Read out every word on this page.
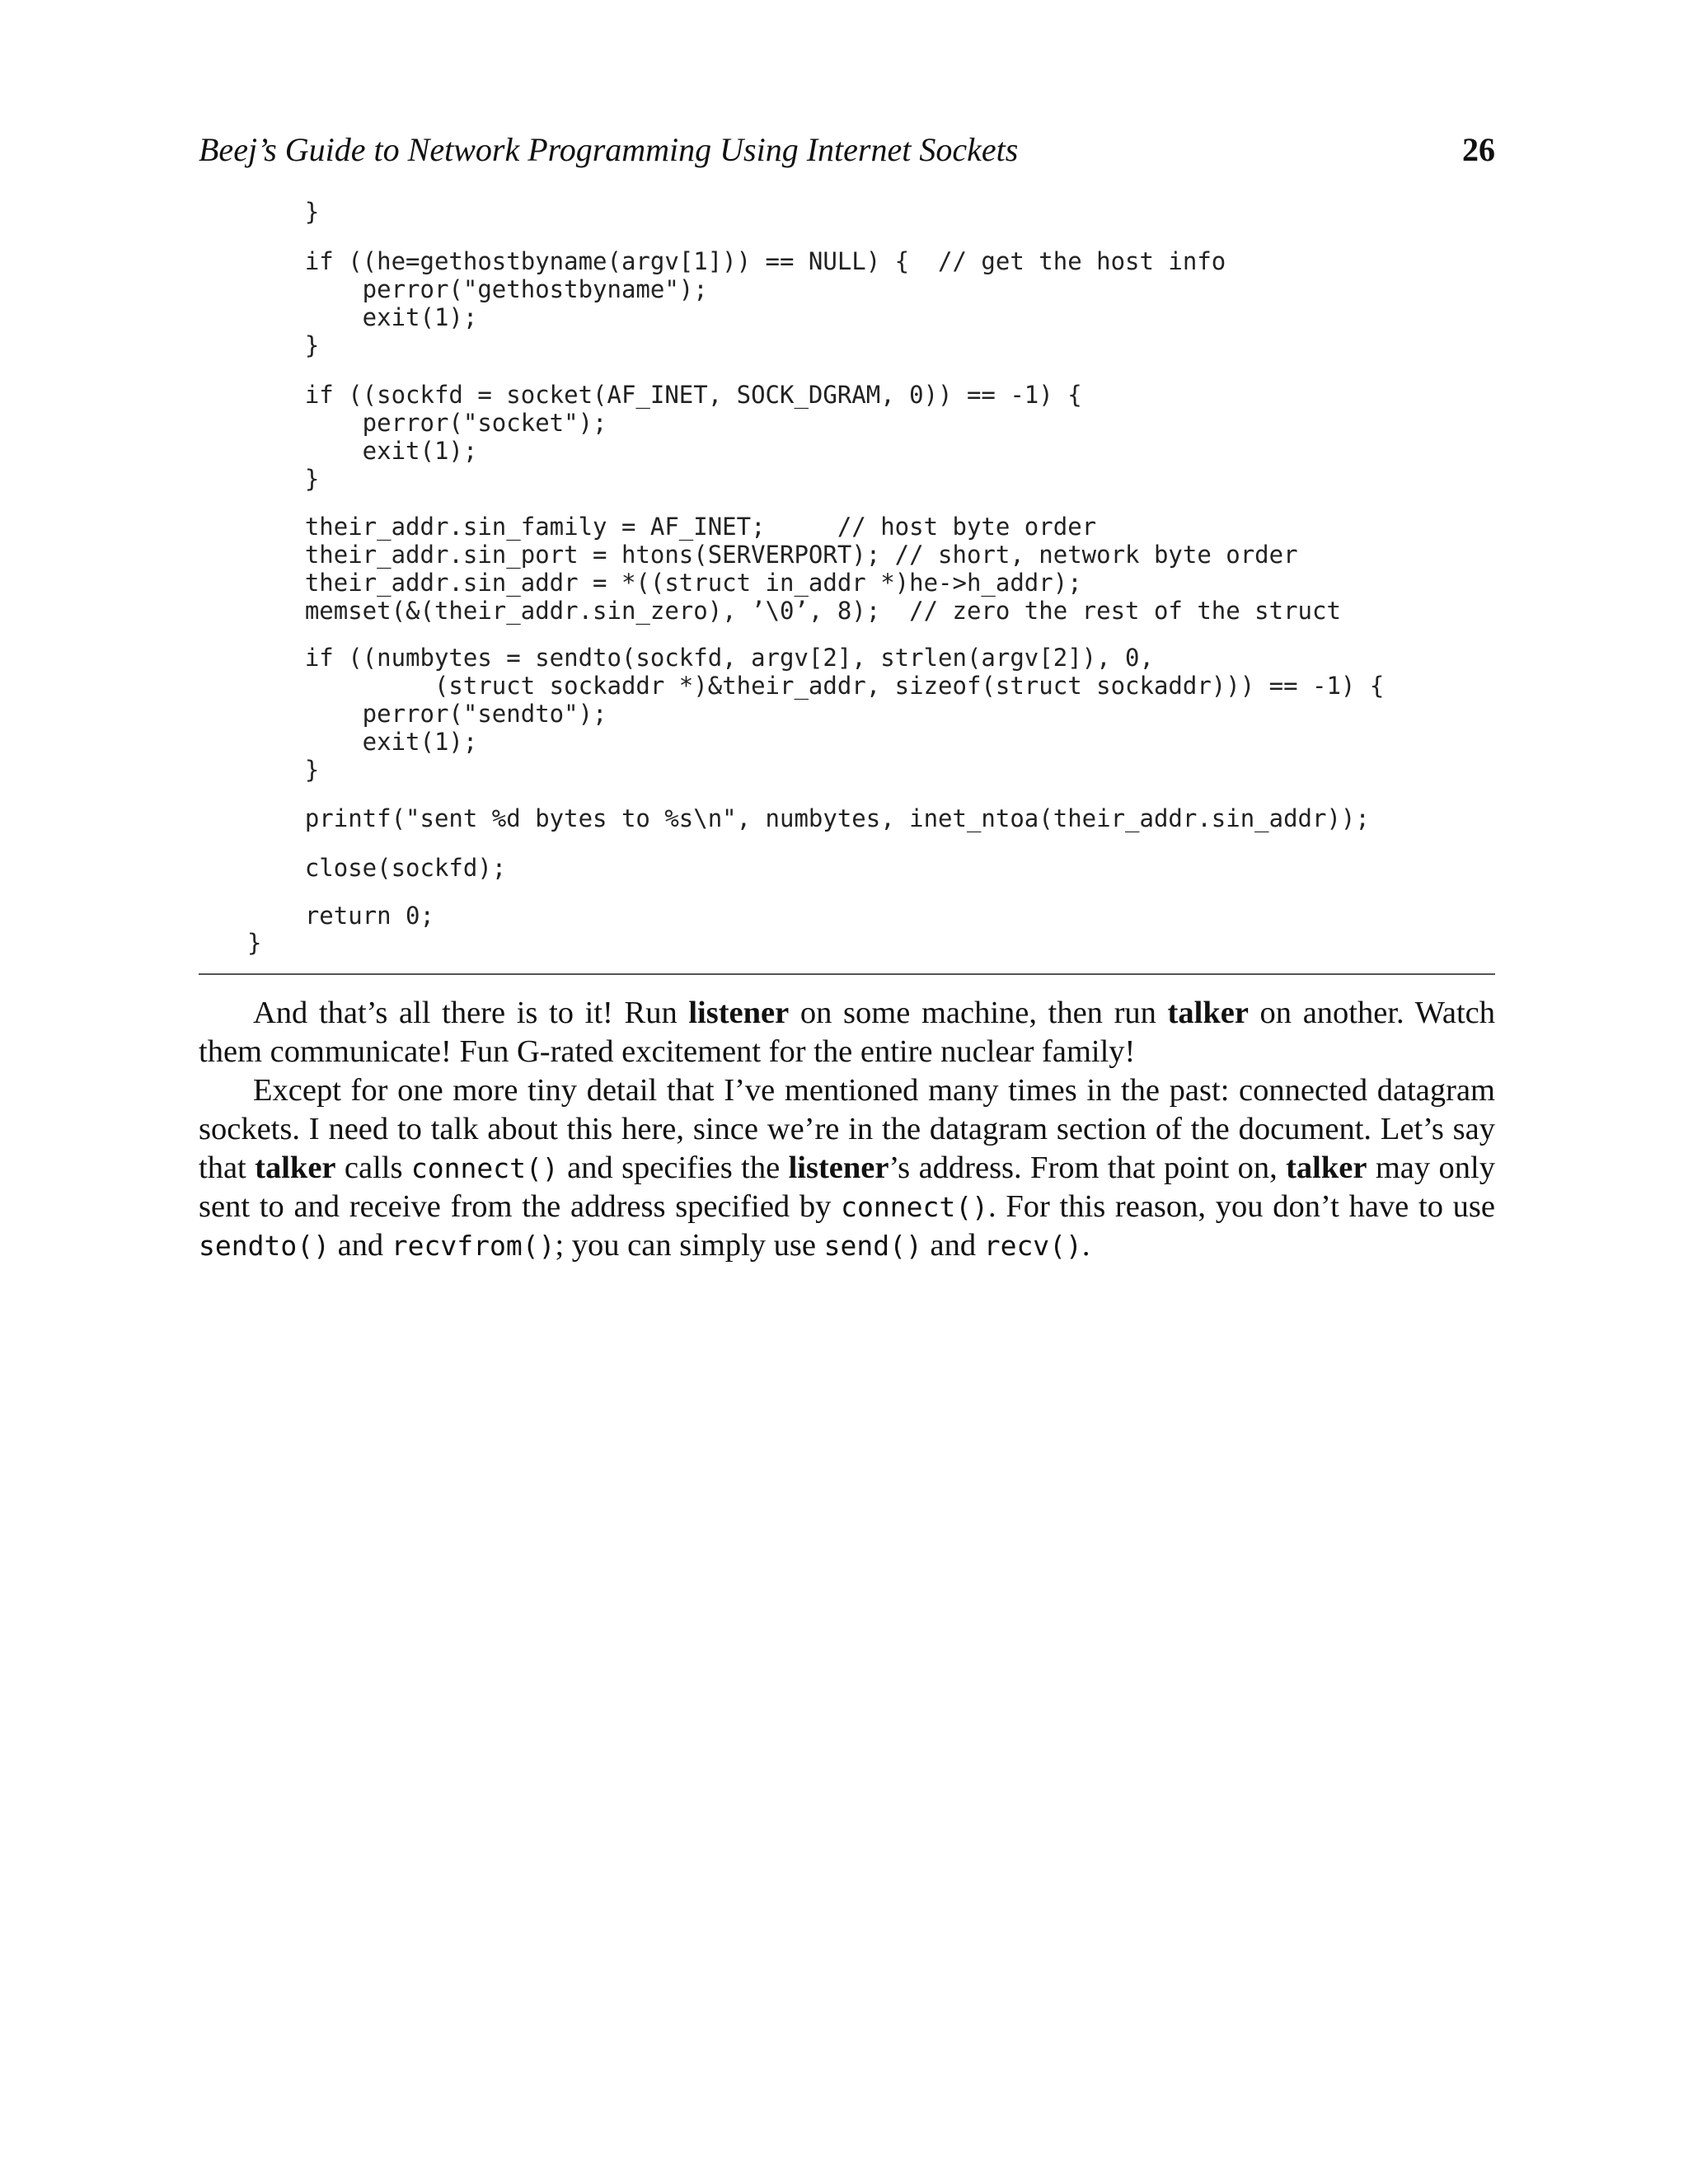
Beej’s Guide to Network Programming Using Internet Sockets	26

}

if ((he=gethostbyname(argv[1])) == NULL) {  // get the host info

perror("gethostbyname");

exit(1);

}

if ((sockfd = socket(AF_INET, SOCK_DGRAM, 0)) == -1) {

perror("socket");

exit(1);

}

their_addr.sin_family = AF_INET;     // host byte order

their_addr.sin_port = htons(SERVERPORT); // short, network byte order

their_addr.sin_addr = *((struct in_addr *)he->h_addr);

memset(&(their_addr.sin_zero), ’\0’, 8);  // zero the rest of the struct

if ((numbytes = sendto(sockfd, argv[2], strlen(argv[2]), 0,

(struct sockaddr *)&their_addr, sizeof(struct sockaddr))) == -1) {

perror("sendto");

exit(1);

}

printf("sent %d bytes to %s\n", numbytes, inet_ntoa(their_addr.sin_addr));

close(sockfd);

return 0;

}

And that’s all there is to it! Run listener on some machine, then run talker on another. Watch them communicate! Fun G-rated excitement for the entire nuclear family!

Except for one more tiny detail that I’ve mentioned many times in the past: connected datagram sockets. I need to talk about this here, since we’re in the datagram section of the document. Let’s say that talker calls connect() and specifies the listener’s address. From that point on, talker may only sent to and receive from the address specified by connect(). For this reason, you don’t have to use sendto() and recvfrom(); you can simply use send() and recv().
